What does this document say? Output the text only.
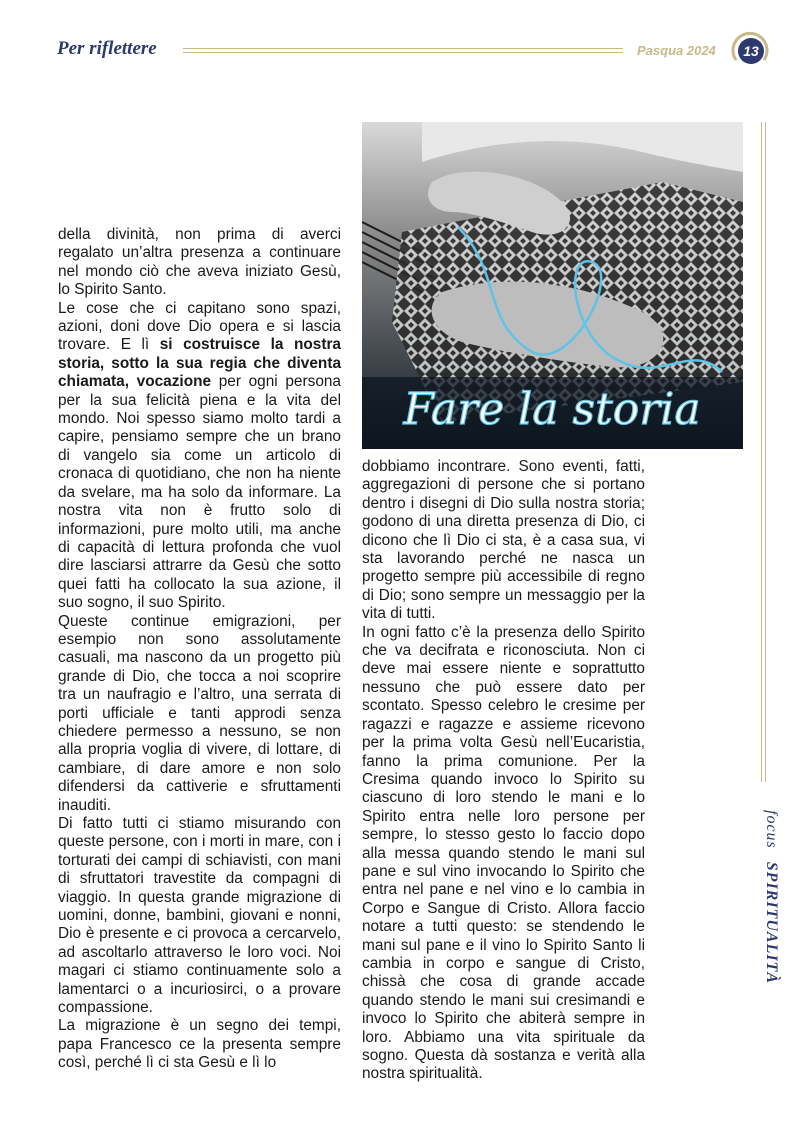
Per riflettere	Pasqua 2024	13
Fare la storia

della divinità, non prima di averci regalato un’altra presenza a continuare nel mondo ciò che aveva iniziato Gesù, lo Spirito Santo.

Le cose che ci capitano sono spazi, azioni, doni dove Dio opera e si lascia trovare. E lì si costruisce la nostra storia, sotto la sua regia che diventa chiamata, vocazione per ogni persona per la sua felicità piena e la vita del mondo. Noi spesso siamo molto tardi a capire, pensiamo sempre che un brano di vangelo sia come un articolo di cronaca di quotidiano, che non ha niente da svelare, ma ha solo da informare. La nostra vita non è frutto solo di informazioni, pure molto utili, ma anche di capacità di lettura profonda che vuol dire lasciarsi attrarre da Gesù che sotto quei fatti ha collocato la sua azione, il suo sogno, il suo Spirito.

Queste continue emigrazioni, per esempio non sono assolutamente casuali, ma nascono da un progetto più grande di Dio, che tocca a noi scoprire tra un naufragio e l’altro, una serrata di porti ufficiale e tanti approdi senza chiedere permesso a nessuno, se non alla propria voglia di vivere, di lottare, di cambiare, di dare amore e non solo difendersi da cattiverie e sfruttamenti inauditi.

Di fatto tutti ci stiamo misurando con queste persone, con i morti in mare, con i torturati dei campi di schiavisti, con mani di sfruttatori travestite da compagni di viaggio. In questa grande migrazione di uomini, donne, bambini, giovani e nonni, Dio è presente e ci provoca a cercarvelo, ad ascoltarlo attraverso le loro voci. Noi magari ci stiamo continuamente solo a lamentarci o a incuriosirci, o a provare compassione.

La migrazione è un segno dei tempi, papa Francesco ce la presenta sempre così, perché lì ci sta Gesù e lì lo

dobbiamo incontrare. Sono eventi, fatti, aggregazioni di persone che si portano dentro i disegni di Dio sulla nostra storia; godono di una diretta presenza di Dio, ci dicono che lì Dio ci sta, è a casa sua, vi sta lavorando perché ne nasca un progetto sempre più accessibile di regno di Dio; sono sempre un messaggio per la vita di tutti.

In ogni fatto c’è la presenza dello Spirito che va decifrata e riconosciuta. Non ci deve mai essere niente e soprattutto nessuno che può essere dato per scontato. Spesso celebro le cresime per ragazzi e ragazze e assieme ricevono per la prima volta Gesù nell’Eucaristia, fanno la prima comunione. Per la Cresima quando invoco lo Spirito su ciascuno di loro stendo le mani e lo Spirito entra nelle loro persone per sempre, lo stesso gesto lo faccio dopo alla messa quando stendo le mani sul pane e sul vino invocando lo Spirito che entra nel pane e nel vino e lo cambia in Corpo e Sangue di Cristo. Allora faccio notare a tutti questo: se stendendo le mani sul pane e il vino lo Spirito Santo li cambia in corpo e sangue di Cristo, chissà che cosa di grande accade quando stendo le mani sui cresimandi e invoco lo Spirito che abiterà sempre in loro. Abbiamo una vita spirituale da sogno. Questa dà sostanza e verità alla nostra spiritualità.

focus SPIRITUALITÀ
